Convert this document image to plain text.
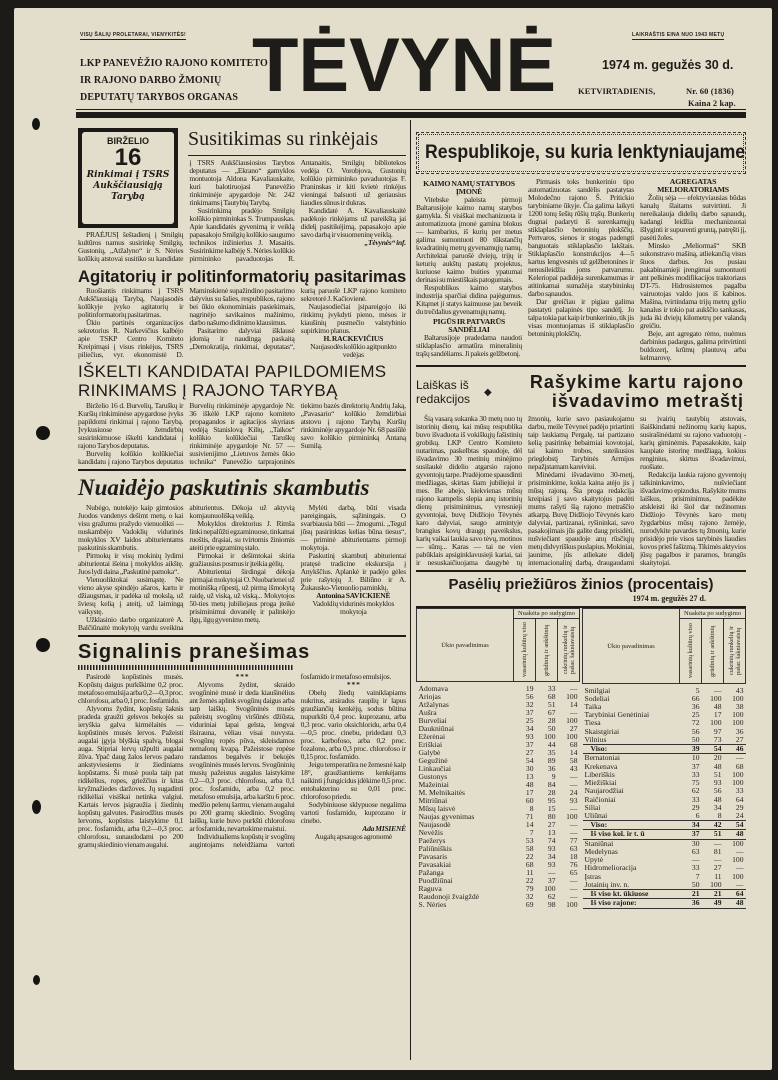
VISŲ ŠALIŲ PROLETARAI, VIENYKITĖS!
LKP PANEVĖŽIO RAJONO KOMITETO
IR RAJONO DARBO ŽMONIŲ
DEPUTATŲ TARYBOS ORGANAS TĖVYNĖ	LAIKRAŠTIS EINA NUO 1943 METŲ
1974 m. gegužės 30 d.
KETVIRTADIENIS,	Nr. 60 (1836)
Kaina 2 kap.
BIRŽELIO
16
Rinkimai į TSRS Aukščiausiąją Tarybą
Susitikimas su rinkėjais

PRAĖJUSĮ šeštadienį į Smilgių kultūros namus susirinkę Smilgių, Gustonių, „Atžalyno“ ir S. Nėries kolūkių atstovai susitiko su kandidate į TSRS Aukščiausiosios Tarybos deputatus — „Ekrano“ gamyklos montuotoja Aldona Kavaliauskaite, kuri balotiruojasi Panevėžio rinkiminėje apygardoje Nr. 242 rinkimams į Tautybių Tarybą.

Susirinkimą pradėjo Smilgių kolūkio pirmininkas S. Trumpauskas. Apie kandidatės gyvenimą ir veiklą papasakojo Smilgių kolūkio saugumo technikos inžinierius J. Masaitis. Susirinkime kalbėję S. Nėries kolūkio pirmininko pavaduotojas R. Antanaitis, Smilgių bibliotekos vedėja O. Vorobjova, Gustonių kolūkio pirmininko pavaduotojas F. Praninskas ir kiti kvietė rinkėjus vieningai balsuoti už geriausius liaudies sūnus ir dukras.

Kandidatė A. Kavaliauskaitė padėkojo rinkėjams už pareikštą jai didelį pasitikėjimą, papasakojo apie savo darbą ir visuomeninę veiklą.

„Tėvynės“ inf.

Agitatorių ir politinformatorių pasitarimas

Ruošiantis rinkimams į TSRS Aukščiausiąją Tarybą, Naujasodės kolūkyje įvyko agitatorių ir politinformatorių pasitarimas.

Ūkio partinės organizacijos sekretorius R. Narkevičius kalbėjo apie TSKP Centro Komiteto Kreipimąsi į visus rinkėjus, TSRS piliečius, vyr. ekonomistė D. Maminskienė supažindino pasitarimo dalyvius su šalies, respublikos, rajono bei ūkio ekonominiais pasiekimais, nagrinėjo savikainos mažinimo, darbo našumo didinimo klausimus.

Pasitarimo dalyviai išklausė įdomią ir naudingą paskaitą „Demokratija, rinkimai, deputatas“, kurią paruošė LKP rajono komiteto sekretorė J. Kačiovienė.

Naujasodiečiai įsipareigojo iki rinkimų įvykdyti pieno, mėsos ir kiaušinių pusmečio valstybinio supirkimo planus.

H. RACKEVIČIUS

Naujasodės kolūkio agitpunkto vedėjas

IŠKELTI KANDIDATAI PAPILDOMIEMS
RINKIMAMS Į RAJONO TARYBĄ

Birželio 16 d. Burvelių, Taruškų ir Kuršių rinkiminėse apygardose įvyks papildomi rinkimai į rajono Tarybą. Įvykusiuose žemdirbių susirinkimuose iškelti kandidatai į rajono Tarybos deputatus.

Burvelių kolūkio kolūkiečiai kandidatu į rajono Tarybos deputatus Burvelių rinkiminėje apygardoje Nr. 36 iškėlė LKP rajono komiteto propagandos ir agitacijos skyriaus vedėją Stanislovą Kilių, „Taikos“ kolūkio kolūkiečiai Taruškų rinkiminėje apygardoje Nr. 57 — susivienijimo „Lietuvos žemės ūkio technika“ Panevėžio tarprajoninės tiekimo bazės direktorių Andrių Jaką, „Pavasario“ kolūkio žemdirbiai atstovu į rajono Tarybą Kuršių rinkiminėje apygardoje Nr. 68 pasiūlė savo kolūkio pirmininką Antaną Sumilą.

Nuaidėjo paskutinis skambutis

Nubėgo, nutekėjo kaip gimtosios Juodos vandenys dešimt metų, o kai visu gražumu pražydo vienuolikti — nuskambėjo Vadoklių vidurinės mokyklos XV laidos abiturientams paskutinis skambutis.

Pirmokų ir visų mokinių lydimi abiturientai išeina į mokyklos aikštę. Juos lydi daina „Paskutinė pamoka“.

Vienuoliktokai susimąstę. Ne vieno akyse spindėjo ašaros, kartu ir džiaugsmas, ir padėka už mokslą, už šviesų kelią į ateitį, už laimingą vaikystę.

Užklasinio darbo organizatorė A. Balčiūnaitė mokytojų vardu sveikina abiturientus. Dėkoja už aktyvią komjaunuolišką veiklą.

Mokyklos direktorius J. Rimša linki nepalūžti egzaminuose, tinkamai ruoštis, drąsiai, su tvirtomis žiniomis ateiti prie egzaminų stalo.

Pirmokai ir dešimtokai skiria gražiausius posmus ir įteikia gėlių.

Abiturientai širdingai dėkoja pirmajai mokytojai O. Nuobarienei už motinišką rūpestį, už pirmą išmokytą raidę, už viską, už viską... Mokytojos 50-ties metų jubiliejaus proga įteikė prisiminimui dovanėlę ir palinkėjo ilgų, ilgų gyvenimo metų.

Mylėti darbą, būti visada pareigingais, sąžiningais. O svarbiausia būti — žmogumi. „Tegul jūsų pasirinktas kelias būna tiesus“, — priminė abiturientams pirmoji mokytoja.

Paskutinį skambutį abiturientai pratęsė tradicine ekskursija į Anykščius. Aplankė ir padėjo gėles prie rašytojų J. Biliūno ir A. Žukausko-Vienuolio paminklų.

Antonina SAVICKIENĖ

Vadoklių vidurinės mokyklos mokytoja

Signalinis pranešimas

Pasirodė kopūstinės musės. Kopūstų daigus purkškime 0,2 proc. metafoso emulsija arba 0,2—0,3 proc. chlorofosu, arba 0,1 proc. fosfamidu.

Alyvoms žydint, kopūstų šaknis pradeda graužti gelsvos bekojės su ieryškia galva kirmėlaitės — kopūstinės musės lervos. Pažeisti augalai įgyja blyškią spalvą, blogai auga. Stipriai lervų užpulti augalai žūva. Ypač daug žalos lervos padaro ankstyviesiems ir žiediniams kopūstams. Ši musė puola taip pat ridikėlius, ropes, griežčius ir kitas kryžmažiedes daržoves. Jų sugadinti ridikėliai visiškai netinka valgiui. Kartais lervos įsigraužia į žiedinių kopūstų galvutes. Pasirodžius musės lervoms, kopūstus laistykime 0,1 proc. fosfamidu, arba 0,2—0,3 proc. chlorofosu, sunaudodami po 200 gramų skiedinio vienam augalui.

* * *

Alyvoms žydint, skraido svogūninė musė ir deda kiaušinėlius ant žemės aplink svogūnų daigus arba tarp laiškų. Svogūninės musės pažeistų svogūnų viršūnės džiūsta, viduriniai lapai gelsta, lengvai išsirauna, vėliau visai nuvysta. Svogūnų ropės pūva, skleisdamos nemalonų kvapą. Pažeistose ropėse randamos begalvės ir bekojės svogūninės musės lervos. Svogūninių musių pažeistus augalus laistykime 0,2—0,3 proc. chlorofosu, arba 0,1 proc. fosfamidu, arba 0,2 proc. metafoso emulsija, arba karštu 6 proc. medžio pelenų šarmu, vienam augalui po 200 gramų skiedinio. Svogūnų laiškų, kurie buvo purkšti chlorofosu ar fosfamidu, nevartokime maistui.

Individualiems kopūstų ir svogūnų augintojams neleidžiama vartoti fosfamido ir metafoso emulsijos.

* * *

Obelų žiedų vainiklapiams nukritus, atsiradus rauplių ir lapus graužiančių kenkėjų, sodus būtina nupurkšti 0,4 proc. kuprozanu, arba 0,3 proc. vario oksichloridu, arba 0,4—0,5 proc. cinebu, pridedant 0,3 proc. karbofoso, arba 0,2 proc. fozalono, arba 0,3 proc. chlorofoso ir 0,15 proc. fosfamido.

Jeigu temperatūra ne žemesnė kaip 18°, graužiantiems kenkėjams naikinti į fungicidus įdėkime 0,5 proc. entobakterino su 0,01 proc. chlorofoso priedu.

Sodybiniuose sklypuose negalima vartoti fosfamido, kuprozano ir cinebo.

Ada MISIENĖ

Augalų apsaugos agronomė

Respublikoje, su kuria lenktyniaujame

KAIMO NAMŲ STATYBOS ĮMONĖ

Vitebske paleista pirmoji Baltarusijoje kaimo namų statybos gamykla. Ši visiškai mechanizuota ir automatizuota įmonė gamina blokus — kambarius, iš kurių per metus galima sumontuoti 80 tūkstančių kvadratinių metrų gyvenamųjų namų. Architektai paruošė dviejų, trijų ir keturių aukštų pastatų projektus, kuriuose kaimo buities ypatumai derinasi su miestiškais patogumais.

Respublikos kaimo statybos industrija sparčiai didina pajėgumus. Kitąmet ji statys kaimuose jau beveik du trečdalius gyvenamųjų namų.

PIGŪS IR PATVARŪS SANDĖLIAI

Baltarusijoje pradedama naudoti stiklaplasčio armatūra mineralinių trąšų sandėliams. Ji pakeis gelžbetonį.

Pirmasis toks bunkerinio tipo automatizuotas sandėlis pastatytas Molodečno rajono Š. Pritickio tarybiniame ūkyje. Čia galima laikyti 1200 tonų šešių rūšių trąšų. Bunkerių dugnai padaryti iš surenkamųjų stiklaplasčio betoninių plokščių. Pertvaros, sienos ir stogas padengti banguotais stiklaplasčio lakštais. Stiklaplasčio konstrukcijos 4—5 kartus lengvesnės už gelžbetonines ir nenusileidžia joms patvarumu. Keleriopai padidėja surenkamumas ir atitinkamai sumažėja statybininkų darbo sąnaudos.

Dar greičiau ir pigiau galima pastatyti palapinės tipo sandėlį. Jo talpa tokia pat kaip ir bunkerinio, tik jis visas montuojamas iš stiklaplasčio betoninių plokščių.

AGREGATAS MELIORATORIAMS

Žolių sėja — efektyviausias būdas kanalų šlaitams sutvirtinti. Ji nereikalauja didelių darbo sąnaudų, kadangi leidžia mechanizuotai išlyginti ir supurenti gruntą, patręšti jį, pasėti žoles.

Minsko „Meliormaš“ SKB sukonstravo mašiną, atliekančią visus šiuos darbus. Jos pusiau pakabinamieji įrengimai sumontuoti ant pelkinės modifikacijos traktoriaus DT-75. Hidrosistemos pagalba vairuotojas valdo juos iš kabinos. Mašina, tvirtindama trijų metrų gylio kanalus ir tokio pat aukščio sankasas, juda iki dviejų kilometrų per valandą greičiu.

Beje, ant agregato rėmo, nuėmus darbinius padargus, galima pritvirtinti buldozerį, krūmų plautuvą arba kelmarovę.

Laiškas iš
redakcijos	◆	Rašykime kartu rajono
išvadavimo metraštį

Šią vasarą sukanka 30 metų nuo tų istorinių dienų, kai mūsų respublika buvo išvaduota iš vokiškųjų fašistinių grobikų. LKP Centro Komiteto nutarimas, paskelbtas spaudoje, dėl išvadavimo 30 metinių minėjimo susilaukė didelio atgarsio rajono gyventojų tarpe. Pradėjome spausdinti medžiagas, skirtas šiam jubiliejui ir mes. Be abejo, kiekvienas mūsų rajono kampelis slepia anų istorinių dienų prisiminimus, vyresnieji gyventojai, buvę Didžiojo Tėvynės karo dalyviai, saugo atmintyje brangius kovų draugų paveikslus, karių vaikai laukia savo tėvų, motinos — sūnų... Karas — tai ne vien pabūklais apsiginklavusieji kariai, tai ir nesuskaičiuojama daugybė tų žmonių, kurie savo pasiaukojamu darbu, meile Tėvynei padėjo priartinti taip laukiamą Pergalę, tai partizano kelią pasirinkę bebaimiai kovotojai, tai kaimo trobos, suteikusios prieglobstį Tarybinės Armijos nepažįstamam kareiviui.

Minėdami išvadavimo 30-metį, prisiminkime, kokia kaina atėjo jis į mūsų rajoną. Šia proga redakcija kreipiasi į savo skaitytojus padėti mums rašyti šią rajono metraščio atkarpą. Buvę Didžiojo Tėvynės karo dalyviai, partizanai, ryšininkai, savo pasakojimais jūs galite daug prisidėti, nušviečiant spaudoje anų rūsčiųjų metų didvyriškus puslapius. Mokiniai, jaunime, jūs atliekate didelį internacionalinį darbą, draugaudami su įvairių tautybių atstovais, išaiškindami nežinomų karių kapus, susirašinėdami su rajono vaduotojų - karių giminėmis. Papasakokite, kaip kaupiate istorinę medžiagą, kokius renginius, skirtus išvadavimui, ruošiate.

Redakcija laukia rajono gyventojų talkininkavimo, nušviečiant išvadavimo epizodus. Rašykite mums laiškus, prisiminimus, padėkite atskleisti iki šiol dar nežinomus Didžiojo Tėvynės karo metų žygdarbius mūsų rajono žemėje, nurodykite pavardes tų žmonių, kurie prisidėjo prie visos tarybinės liaudies kovos prieš fašizmą. Tikimės aktyvios jūsų pagalbos ir paramos, brangūs skaitytojai.

Pasėlių priežiūros žinios (procentais)
1974 m. gegužės 27 d.
Ūkio pavadinimas	Nuakėta po sudygimo		

	vasarinių kultūrų viso	grūdinių ir ankštinių	cukrinių runkelių ir pašar. šakniavaisių

Adomava	19	33	—
Ariojas	56	68	100
Atžalynas	32	51	14
Aušra	37	67	—
Burveliai	25	28	100
Daukniūnai	34	50	27
Ežerėnai	93	100	100
Eriškiai	37	44	68
Galybė	27	35	14
Gegužinė	54	89	58
Linkaučiai	30	36	43
Gustonys	13	9	—
Mažeiniai	48	84	—
M. Melnikaitės	17	28	24
Mitriūnai	60	95	93
Mūsų laisvė	8	15	—
Naujas gyvenimas	71	80	100
Naujasodė	14	27	—
Nevėžis	7	13	—
Paežerys	53	74	77
Paliūniškis	58	93	63
Pavasaris	22	34	18
Pavasakiai	68	93	76
Pažanga	11	—	65
Puodžiūnai	22	37	—
Raguva	79	100	—
Raudonoji žvaigždė	32	62	—
S. Nėries	69	98	100
Ūkio pavadinimas	Nuakėta po sudygimo		

	vasarinių kultūrų viso	grūdinių ir ankštinių	cukrinių runkelių ir pašar. šakniavaisių

Smilgiai	5	—	43
Sodeliai	66	100	100
Taika	36	48	38
Tarybiniai Genėtiniai	25	17	100
Tiesa	72	100	100
Skaistgiriai	56	97	36
Vilnius	50	73	27
Viso:	39	54	46
Bernatoniai	10	20	—
Krekenava	37	48	68
Liberiškis	33	51	100
Miežiškiai	75	93	100
Naujarodžiai	62	56	33
Raičioniai	33	48	64
Siliai	29	34	29
Uliūnai	6	8	24
Viso:	34	42	54
Iš viso kol. ir t. ū	37	51	48
Staniūnai	30	—	100
Medelynas	63	81	—
Upytė	—	—	100
Hidromelioracija	33	27	—
Įstras	7	11	100
Jotainių inv. n.	50	100	—
Iš viso kt. ūkiuose	21	21	64
Iš viso rajone:	36	49	48
